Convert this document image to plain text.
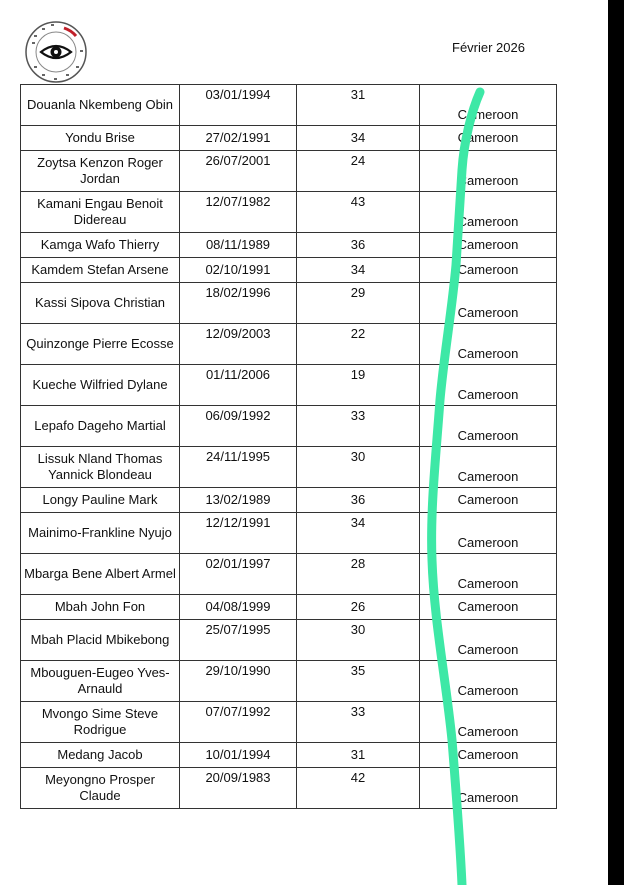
Février 2026
Douanla Nkembeng Obin	03/01/1994	31	Cameroon
Yondu Brise	27/02/1991	34	Cameroon
Zoytsa Kenzon Roger Jordan	26/07/2001	24	Cameroon
Kamani Engau Benoit Didereau	12/07/1982	43	Cameroon
Kamga Wafo Thierry	08/11/1989	36	Cameroon
Kamdem Stefan Arsene	02/10/1991	34	Cameroon
Kassi Sipova Christian	18/02/1996	29	Cameroon
Quinzonge Pierre Ecosse	12/09/2003	22	Cameroon
Kueche Wilfried Dylane	01/11/2006	19	Cameroon
Lepafo Dageho Martial	06/09/1992	33	Cameroon
Lissuk Nland Thomas Yannick Blondeau	24/11/1995	30	Cameroon
Longy Pauline Mark	13/02/1989	36	Cameroon
Mainimo-Frankline Nyujo	12/12/1991	34	Cameroon
Mbarga Bene Albert Armel	02/01/1997	28	Cameroon
Mbah John Fon	04/08/1999	26	Cameroon
Mbah Placid Mbikebong	25/07/1995	30	Cameroon
Mbouguen-Eugeo Yves-Arnauld	29/10/1990	35	Cameroon
Mvongo Sime Steve Rodrigue	07/07/1992	33	Cameroon
Medang Jacob	10/01/1994	31	Cameroon
Meyongno Prosper Claude	20/09/1983	42	Cameroon
